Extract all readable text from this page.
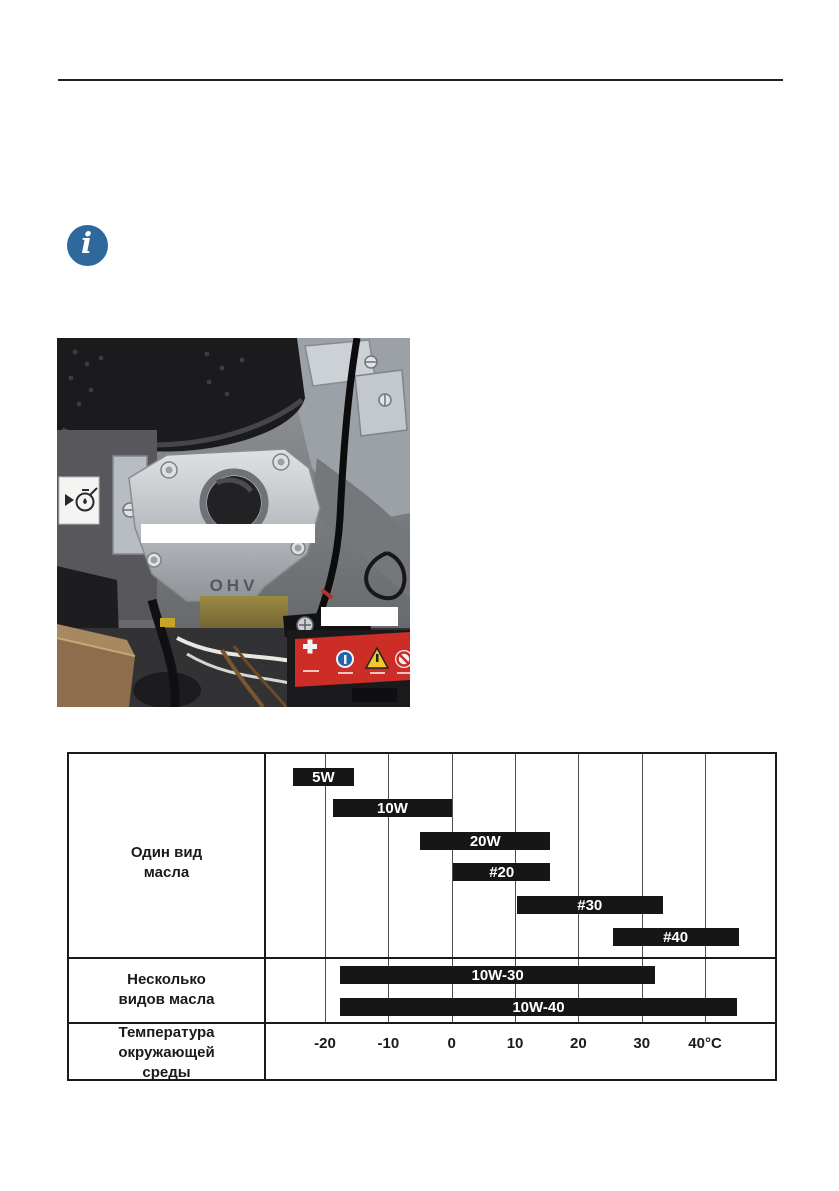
i
OHV
Один вид
масла
5W
10W
20W
#20
#30
#40
Несколько
видов масла
10W-30
10W-40
Температура
окружающей
среды
-20	-10	0	10	20	30	40°C
